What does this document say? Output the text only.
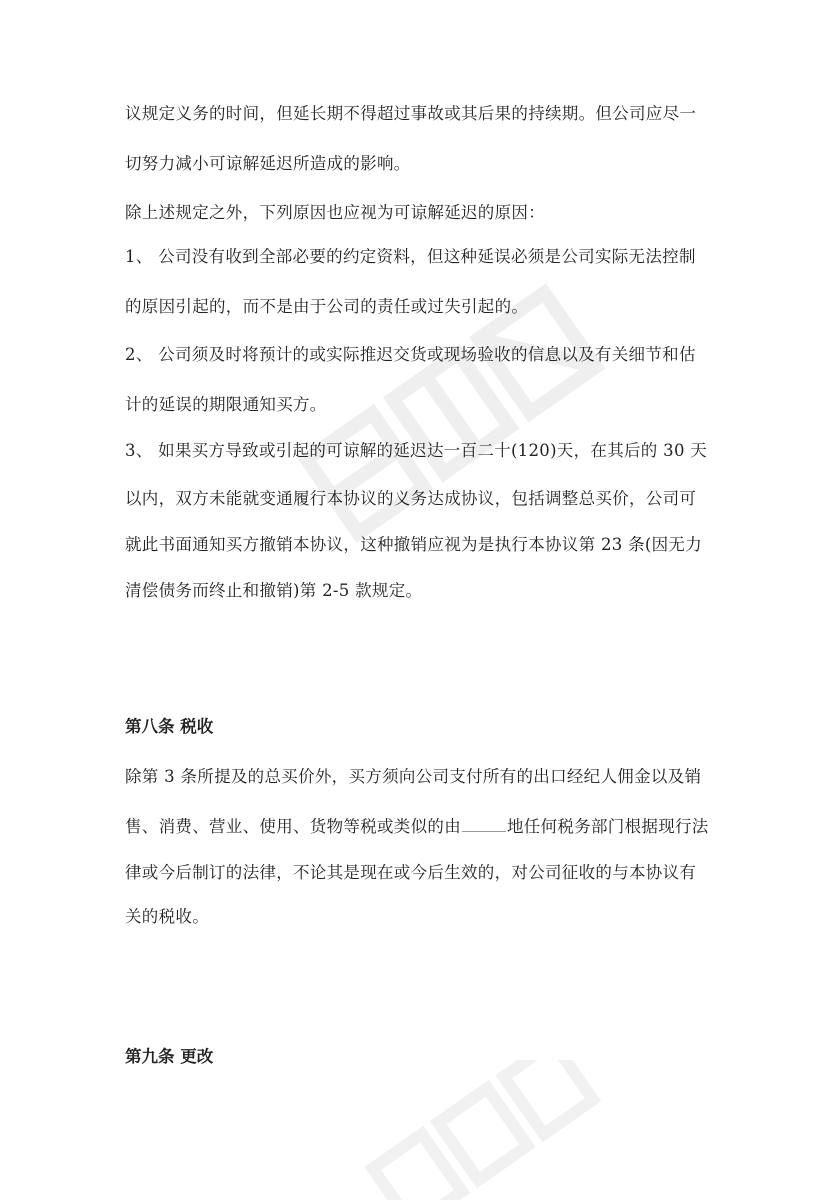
议规定义务的时间，但延长期不得超过事故或其后果的持续期。但公司应尽一
切努力减小可谅解延迟所造成的影响。
除上述规定之外，下列原因也应视为可谅解延迟的原因：
1、 公司没有收到全部必要的约定资料，但这种延误必须是公司实际无法控制
的原因引起的，而不是由于公司的责任或过失引起的。
2、 公司须及时将预计的或实际推迟交货或现场验收的信息以及有关细节和估
计的延误的期限通知买方。
3、 如果买方导致或引起的可谅解的延迟达一百二十(120)天，在其后的 30 天
以内，双方未能就变通履行本协议的义务达成协议，包括调整总买价，公司可
就此书面通知买方撤销本协议，这种撤销应视为是执行本协议第 23 条(因无力
清偿债务而终止和撤销)第 2-5 款规定。
第八条 税收
除第 3 条所提及的总买价外，买方须向公司支付所有的出口经纪人佣金以及销
售、消费、营业、使用、货物等税或类似的由	地任何税务部门根据现行法
律或今后制订的法律，不论其是现在或今后生效的，对公司征收的与本协议有
关的税收。
第九条 更改
